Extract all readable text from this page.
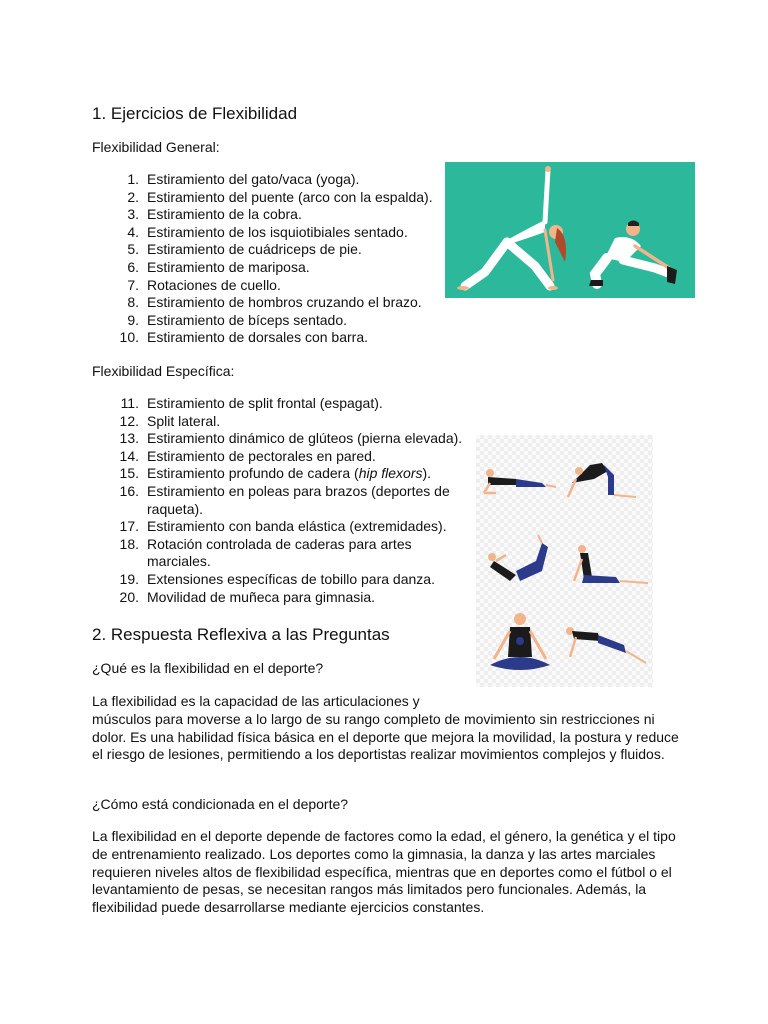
1. Ejercicios de Flexibilidad

Flexibilidad General:

1. Estiramiento del gato/vaca (yoga).
2. Estiramiento del puente (arco con la espalda).
3. Estiramiento de la cobra.
4. Estiramiento de los isquiotibiales sentado.
5. Estiramiento de cuádriceps de pie.
6. Estiramiento de mariposa.
7. Rotaciones de cuello.
8. Estiramiento de hombros cruzando el brazo.
9. Estiramiento de bíceps sentado.
10. Estiramiento de dorsales con barra.

Flexibilidad Específica:

11. Estiramiento de split frontal (espagat).
12. Split lateral.
13. Estiramiento dinámico de glúteos (pierna elevada).
14. Estiramiento de pectorales en pared.
15. Estiramiento profundo de cadera (hip flexors).
16. Estiramiento en poleas para brazos (deportes de
raqueta).
17. Estiramiento con banda elástica (extremidades).
18. Rotación controlada de caderas para artes
marciales.
19. Extensiones específicas de tobillo para danza.
20. Movilidad de muñeca para gimnasia.
2. Respuesta Reflexiva a las Preguntas

¿Qué es la flexibilidad en el deporte?

La flexibilidad es la capacidad de las articulaciones y
músculos para moverse a lo largo de su rango completo de movimiento sin restricciones ni dolor. Es una habilidad física básica en el deporte que mejora la movilidad, la postura y reduce el riesgo de lesiones, permitiendo a los deportistas realizar movimientos complejos y fluidos.

¿Cómo está condicionada en el deporte?

La flexibilidad en el deporte depende de factores como la edad, el género, la genética y el tipo de entrenamiento realizado. Los deportes como la gimnasia, la danza y las artes marciales requieren niveles altos de flexibilidad específica, mientras que en deportes como el fútbol o el levantamiento de pesas, se necesitan rangos más limitados pero funcionales. Además, la flexibilidad puede desarrollarse mediante ejercicios constantes.
